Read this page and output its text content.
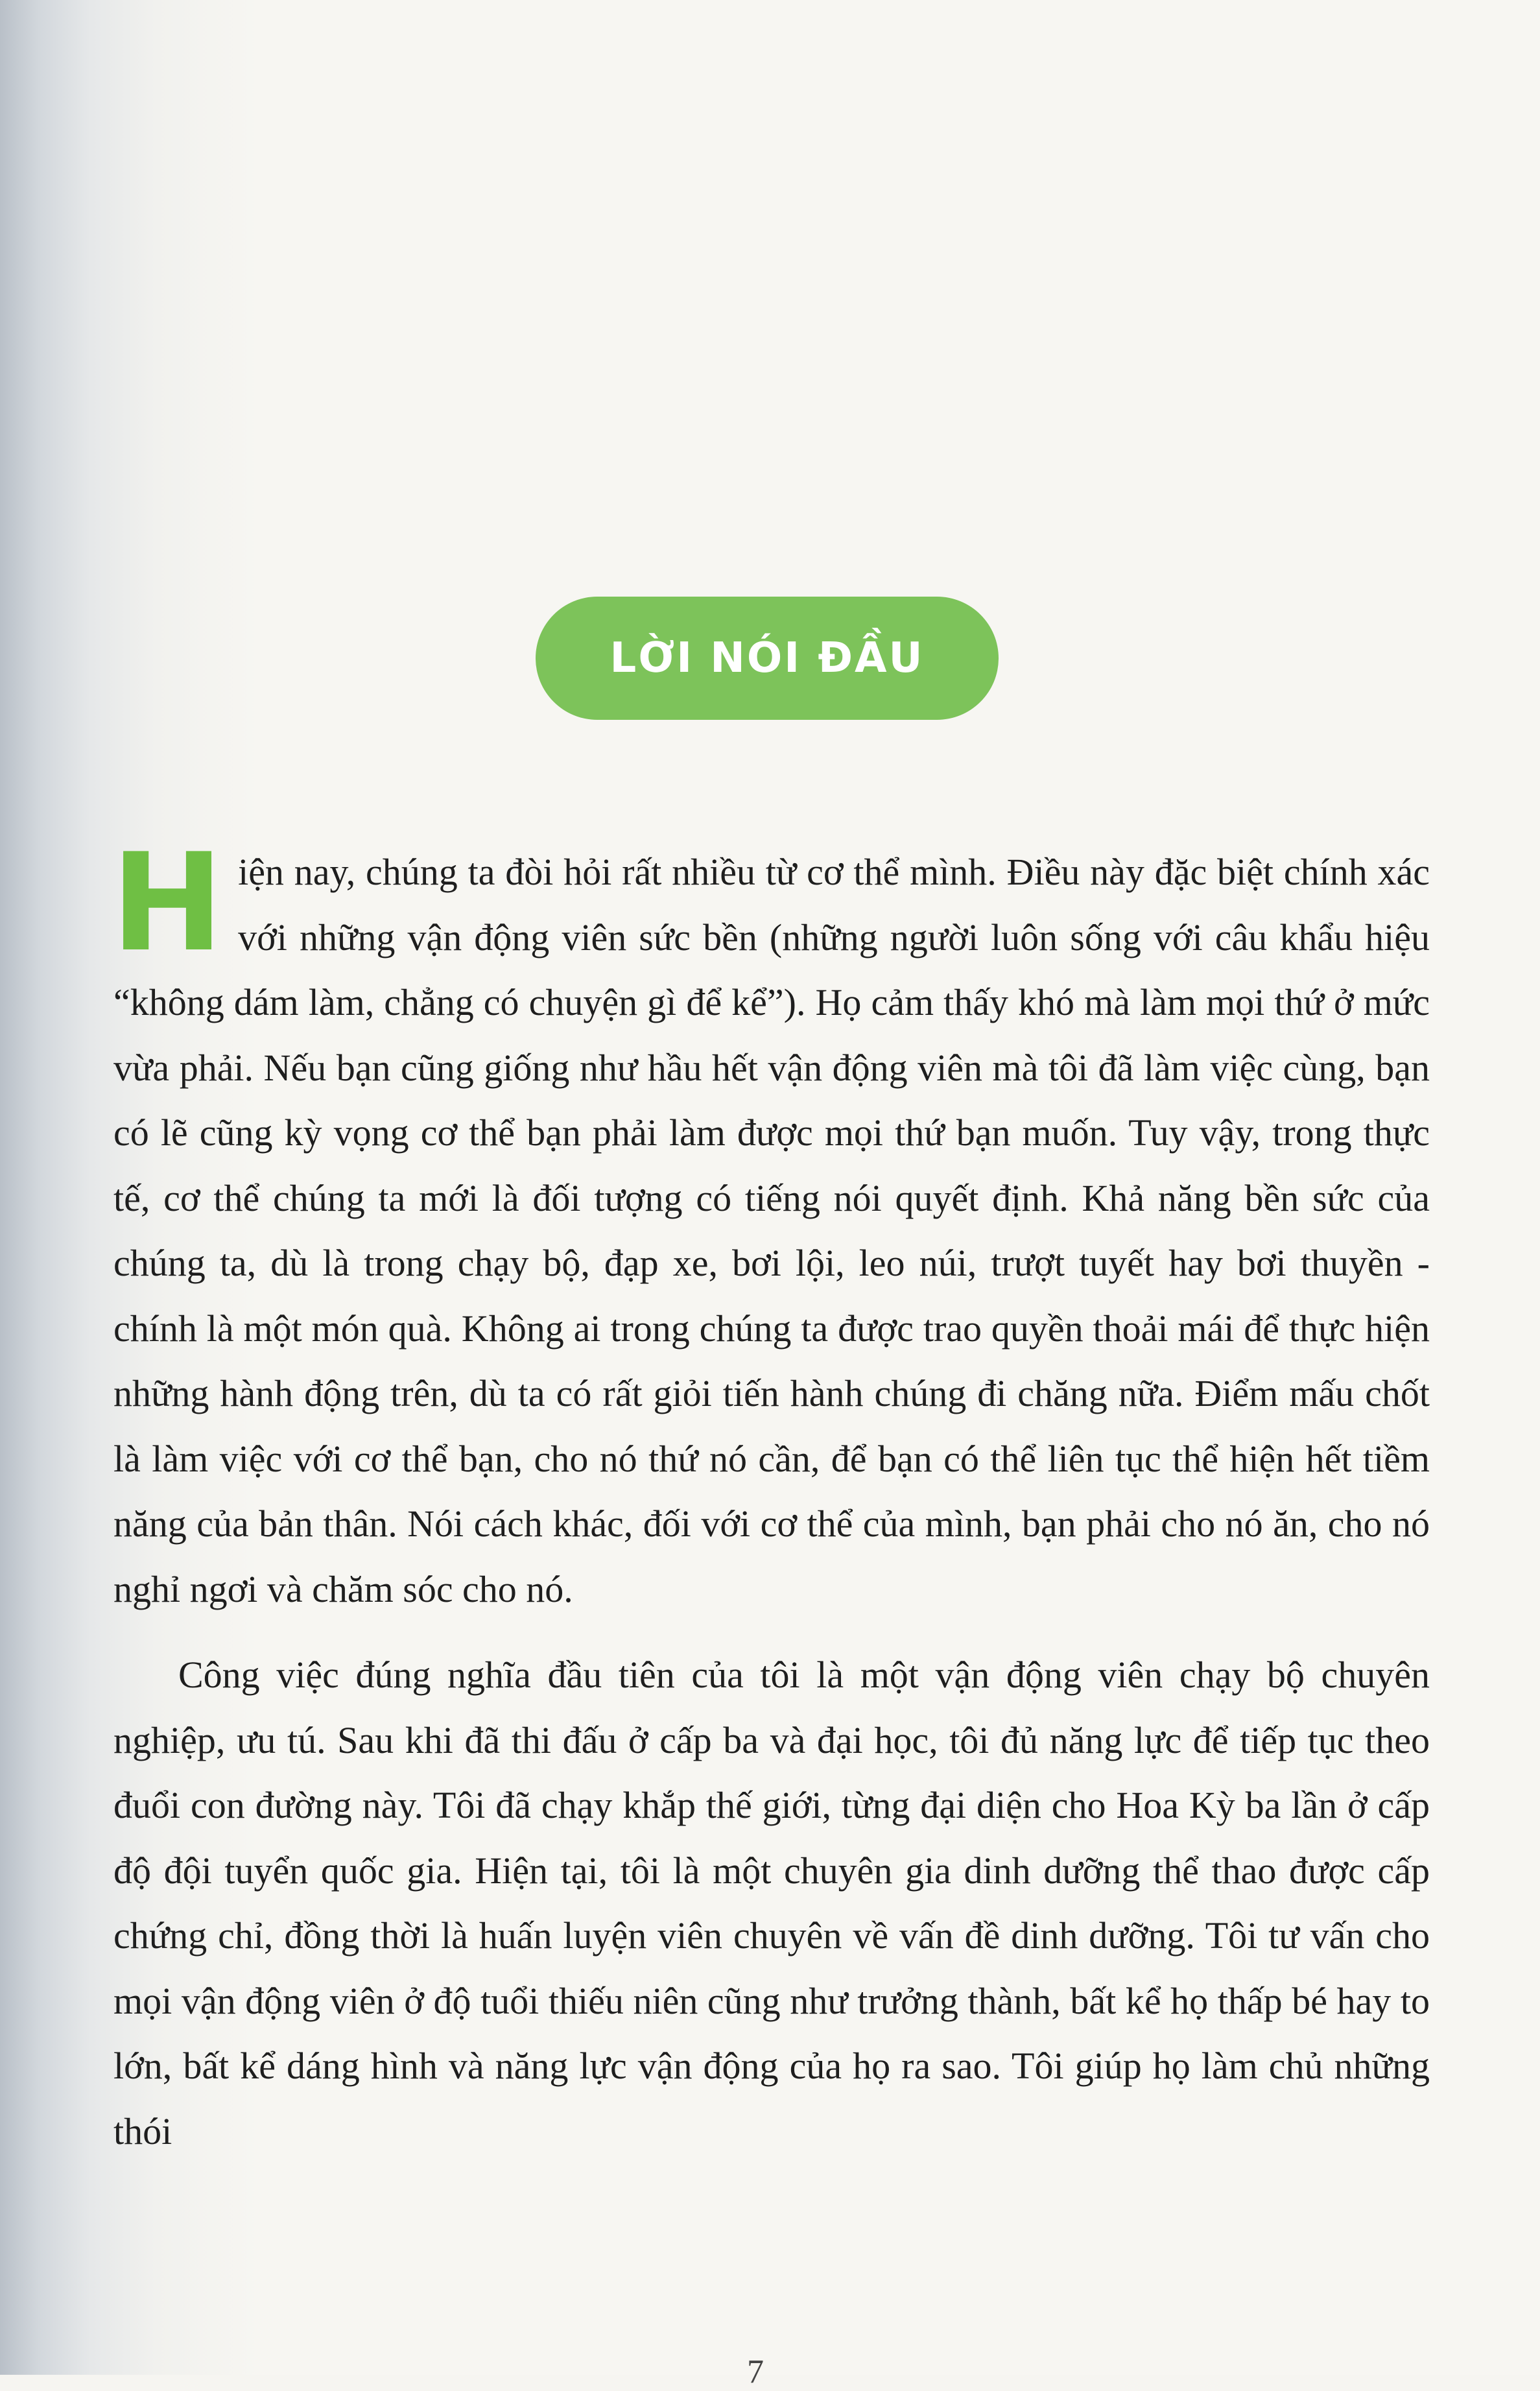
LỜI NÓI ĐẦU

Hiện nay, chúng ta đòi hỏi rất nhiều từ cơ thể mình. Điều này đặc biệt chính xác với những vận động viên sức bền (những người luôn sống với câu khẩu hiệu “không dám làm, chẳng có chuyện gì để kể”). Họ cảm thấy khó mà làm mọi thứ ở mức vừa phải. Nếu bạn cũng giống như hầu hết vận động viên mà tôi đã làm việc cùng, bạn có lẽ cũng kỳ vọng cơ thể bạn phải làm được mọi thứ bạn muốn. Tuy vậy, trong thực tế, cơ thể chúng ta mới là đối tượng có tiếng nói quyết định. Khả năng bền sức của chúng ta, dù là trong chạy bộ, đạp xe, bơi lội, leo núi, trượt tuyết hay bơi thuyền - chính là một món quà. Không ai trong chúng ta được trao quyền thoải mái để thực hiện những hành động trên, dù ta có rất giỏi tiến hành chúng đi chăng nữa. Điểm mấu chốt là làm việc với cơ thể bạn, cho nó thứ nó cần, để bạn có thể liên tục thể hiện hết tiềm năng của bản thân. Nói cách khác, đối với cơ thể của mình, bạn phải cho nó ăn, cho nó nghỉ ngơi và chăm sóc cho nó.

Công việc đúng nghĩa đầu tiên của tôi là một vận động viên chạy bộ chuyên nghiệp, ưu tú. Sau khi đã thi đấu ở cấp ba và đại học, tôi đủ năng lực để tiếp tục theo đuổi con đường này. Tôi đã chạy khắp thế giới, từng đại diện cho Hoa Kỳ ba lần ở cấp độ đội tuyển quốc gia. Hiện tại, tôi là một chuyên gia dinh dưỡng thể thao được cấp chứng chỉ, đồng thời là huấn luyện viên chuyên về vấn đề dinh dưỡng. Tôi tư vấn cho mọi vận động viên ở độ tuổi thiếu niên cũng như trưởng thành, bất kể họ thấp bé hay to lớn, bất kể dáng hình và năng lực vận động của họ ra sao. Tôi giúp họ làm chủ những thói

7
